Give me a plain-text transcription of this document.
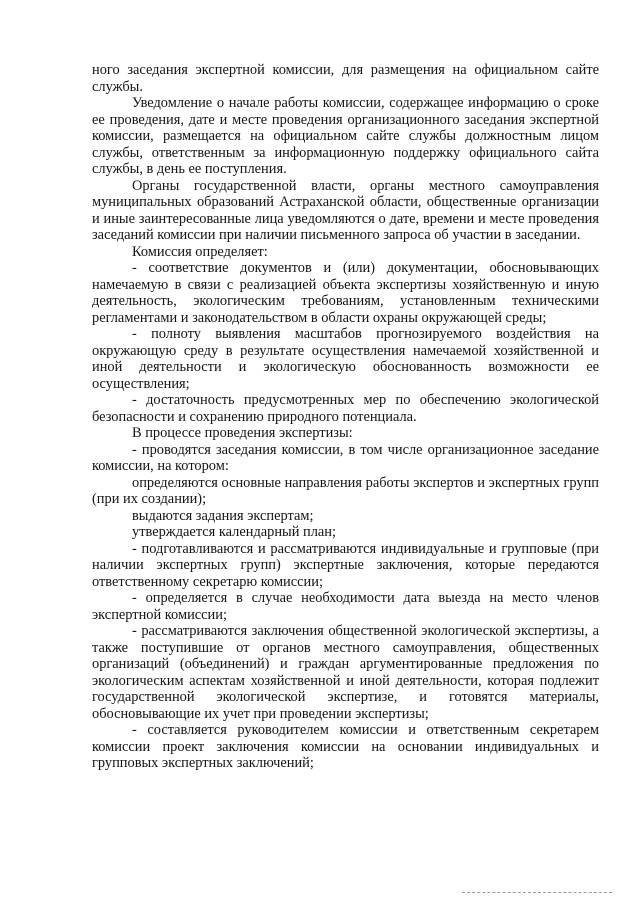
ного заседания экспертной комиссии, для размещения на официальном сайте службы.

Уведомление о начале работы комиссии, содержащее информацию о сроке ее проведения, дате и месте проведения организационного заседания экспертной комиссии, размещается на официальном сайте службы должностным лицом службы, ответственным за информационную поддержку официального сайта службы, в день ее поступления.

Органы государственной власти, органы местного самоуправления муниципальных образований Астраханской области, общественные организации и иные заинтересованные лица уведомляются о дате, времени и месте проведения заседаний комиссии при наличии письменного запроса об участии в заседании.

Комиссия определяет:

- соответствие документов и (или) документации, обосновывающих намечаемую в связи с реализацией объекта экспертизы хозяйственную и иную деятельность, экологическим требованиям, установленным техническими регламентами и законодательством в области охраны окружающей среды;

- полноту выявления масштабов прогнозируемого воздействия на окружающую среду в результате осуществления намечаемой хозяйственной и иной деятельности и экологическую обоснованность возможности ее осуществления;

- достаточность предусмотренных мер по обеспечению экологической безопасности и сохранению природного потенциала.

В процессе проведения экспертизы:

- проводятся заседания комиссии, в том числе организационное заседание комиссии, на котором:

определяются основные направления работы экспертов и экспертных групп (при их создании);

выдаются задания экспертам;

утверждается календарный план;

- подготавливаются и рассматриваются индивидуальные и групповые (при наличии экспертных групп) экспертные заключения, которые передаются ответственному секретарю комиссии;

- определяется в случае необходимости дата выезда на место членов экспертной комиссии;

- рассматриваются заключения общественной экологической экспертизы, а также поступившие от органов местного самоуправления, общественных организаций (объединений) и граждан аргументированные предложения по экологическим аспектам хозяйственной и иной деятельности, которая подлежит государственной экологической экспертизе, и готовятся материалы, обосновывающие их учет при проведении экспертизы;

- составляется руководителем комиссии и ответственным секретарем комиссии проект заключения комиссии на основании индивидуальных и групповых экспертных заключений;
